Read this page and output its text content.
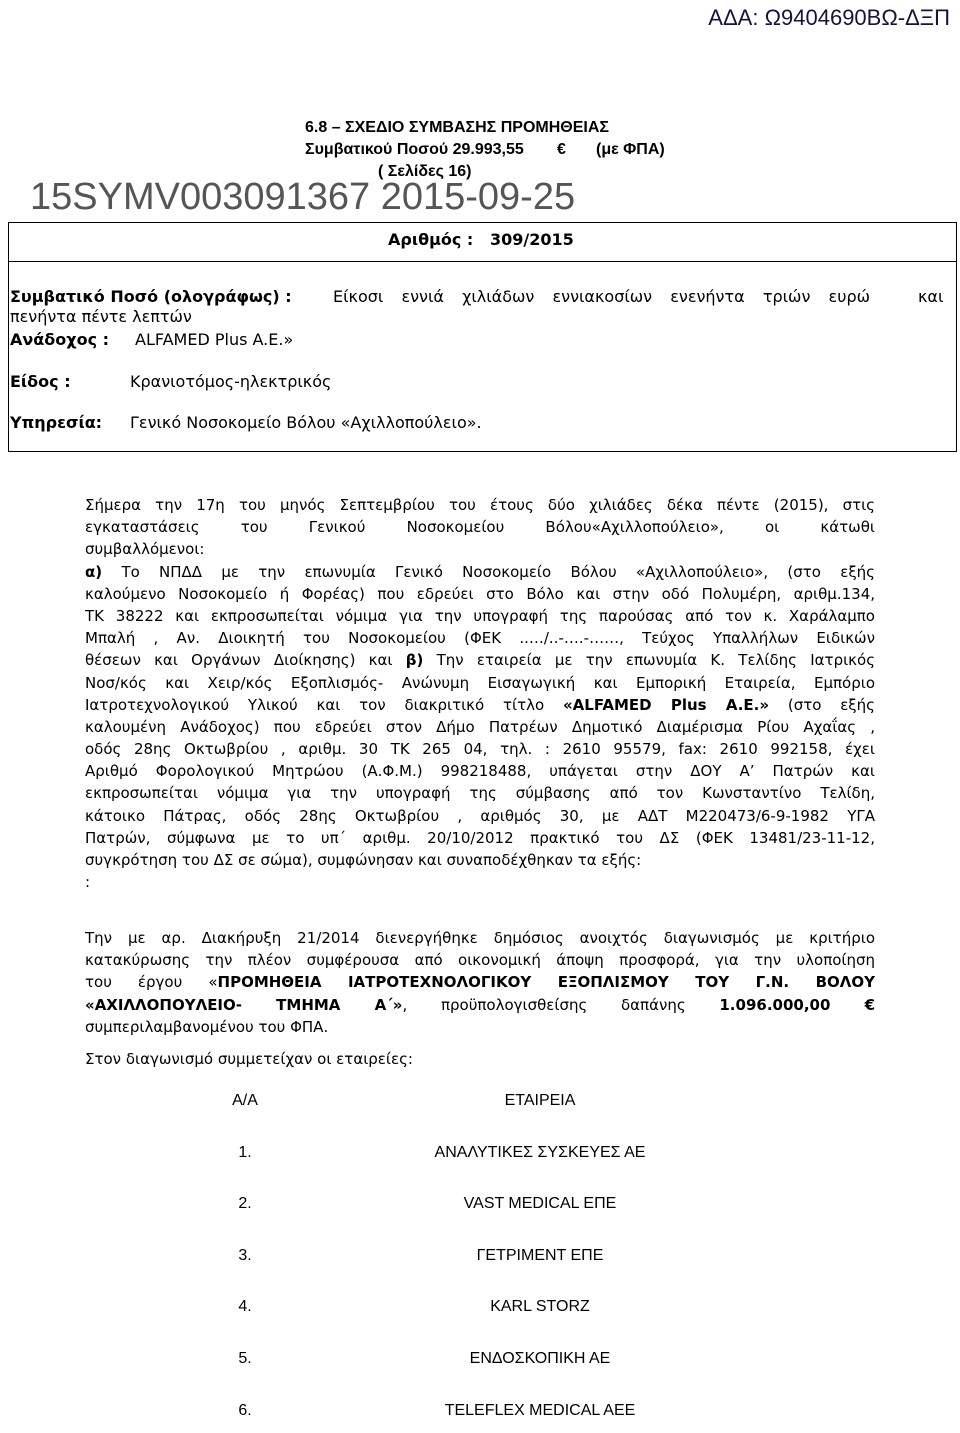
ΑΔΑ: Ω9404690ΒΩ-ΔΞΠ
6.8 – ΣΧΕΔΙΟ ΣΥΜΒΑΣΗΣ ΠΡΟΜΗΘΕΙΑΣ
Συμβατικού Ποσού 29.993,55 € (με ΦΠΑ)
( Σελίδες 16)
15SYMV003091367 2015-09-25
Αριθμός : 309/2015
Συμβατικό Ποσό (ολογράφως) :	Είκοσι εννιά χιλιάδων εννιακοσίων ενενήντα τριών ευρώ	και
πενήντα πέντε λεπτών
Ανάδοχος : ALFAMED Plus A.E.»
Είδος :	Κρανιοτόμος-ηλεκτρικός
Υπηρεσία: Γενικό Νοσοκομείο Βόλου «Αχιλλοπούλειο».
Σήμερα την 17η του μηνός Σεπτεμβρίου του έτους δύο χιλιάδες δέκα πέντε (2015), στις
εγκαταστάσεις του Γενικού Νοσοκομείου Βόλου«Αχιλλοπούλειο», οι κάτωθι
συμβαλλόμενοι:
α) Το ΝΠΔΔ με την επωνυμία Γενικό Νοσοκομείο Βόλου «Αχιλλοπούλειο», (στο εξής
καλούμενο Νοσοκομείο ή Φορέας) που εδρεύει στο Βόλο και στην οδό Πολυμέρη, αριθμ.134,
ΤΚ 38222 και εκπροσωπείται νόμιμα για την υπογραφή της παρούσας από τον κ. Χαράλαμπο
Μπαλή , Αν. Διοικητή του Νοσοκομείου (ΦΕΚ ..…/..-….-……, Τεύχος Υπαλλήλων Ειδικών
θέσεων και Οργάνων Διοίκησης) και β) Την εταιρεία με την επωνυμία Κ. Τελίδης Ιατρικός
Νοσ/κός και Χειρ/κός Εξοπλισμός- Ανώνυμη Εισαγωγική και Εμπορική Εταιρεία, Εμπόριο
Ιατροτεχνολογικού Υλικού και τον διακριτικό τίτλο «ALFAMED Plus A.E.» (στο εξής
καλουμένη Ανάδοχος) που εδρεύει στον Δήμο Πατρέων Δημοτικό Διαμέρισμα Ρίου Αχαΐας ,
οδός 28ης Οκτωβρίου , αριθμ. 30 ΤΚ 265 04, τηλ. : 2610 95579, fax: 2610 992158, έχει
Αριθμό Φορολογικού Μητρώου (Α.Φ.Μ.) 998218488, υπάγεται στην ΔΟΥ Α’ Πατρών και
εκπροσωπείται νόμιμα για την υπογραφή της σύμβασης από τον Κωνσταντίνο Τελίδη,
κάτοικο Πάτρας, οδός 28ης Οκτωβρίου , αριθμός 30, με ΑΔΤ Μ220473/6-9-1982 ΥΓΑ
Πατρών, σύμφωνα με το υπ΄ αριθμ. 20/10/2012 πρακτικό του ΔΣ (ΦΕΚ 13481/23-11-12,
συγκρότηση του ΔΣ σε σώμα), συμφώνησαν και συναποδέχθηκαν τα εξής:
:
Την με αρ. Διακήρυξη 21/2014 διενεργήθηκε δημόσιος ανοιχτός διαγωνισμός με κριτήριο
κατακύρωσης την πλέον συμφέρουσα από οικονομική άποψη προσφορά, για την υλοποίηση
του έργου «ΠΡΟΜΗΘΕΙΑ ΙΑΤΡΟΤΕΧΝΟΛΟΓΙΚΟΥ ΕΞΟΠΛΙΣΜΟΥ ΤΟΥ Γ.Ν. ΒΟΛΟΥ
«ΑΧΙΛΛΟΠΟΥΛΕΙΟ- ΤΜΗΜΑ Α΄», προϋπολογισθείσης δαπάνης 1.096.000,00 €
συμπεριλαμβανομένου του ΦΠΑ.
Στον διαγωνισμό συμμετείχαν οι εταιρείες:
Α/Α	ΕΤΑΙΡΕΙΑ
1.	ΑΝΑΛΥΤΙΚΕΣ ΣΥΣΚΕΥΕΣ ΑΕ
2.	VAST MEDICAL ΕΠΕ
3.	ΓΕΤΡΙΜΕΝΤ ΕΠΕ
4.	KARL STORZ
5.	ΕΝΔΟΣΚΟΠΙΚΗ ΑΕ
6.	TELEFLEX MEDICAL AEE
